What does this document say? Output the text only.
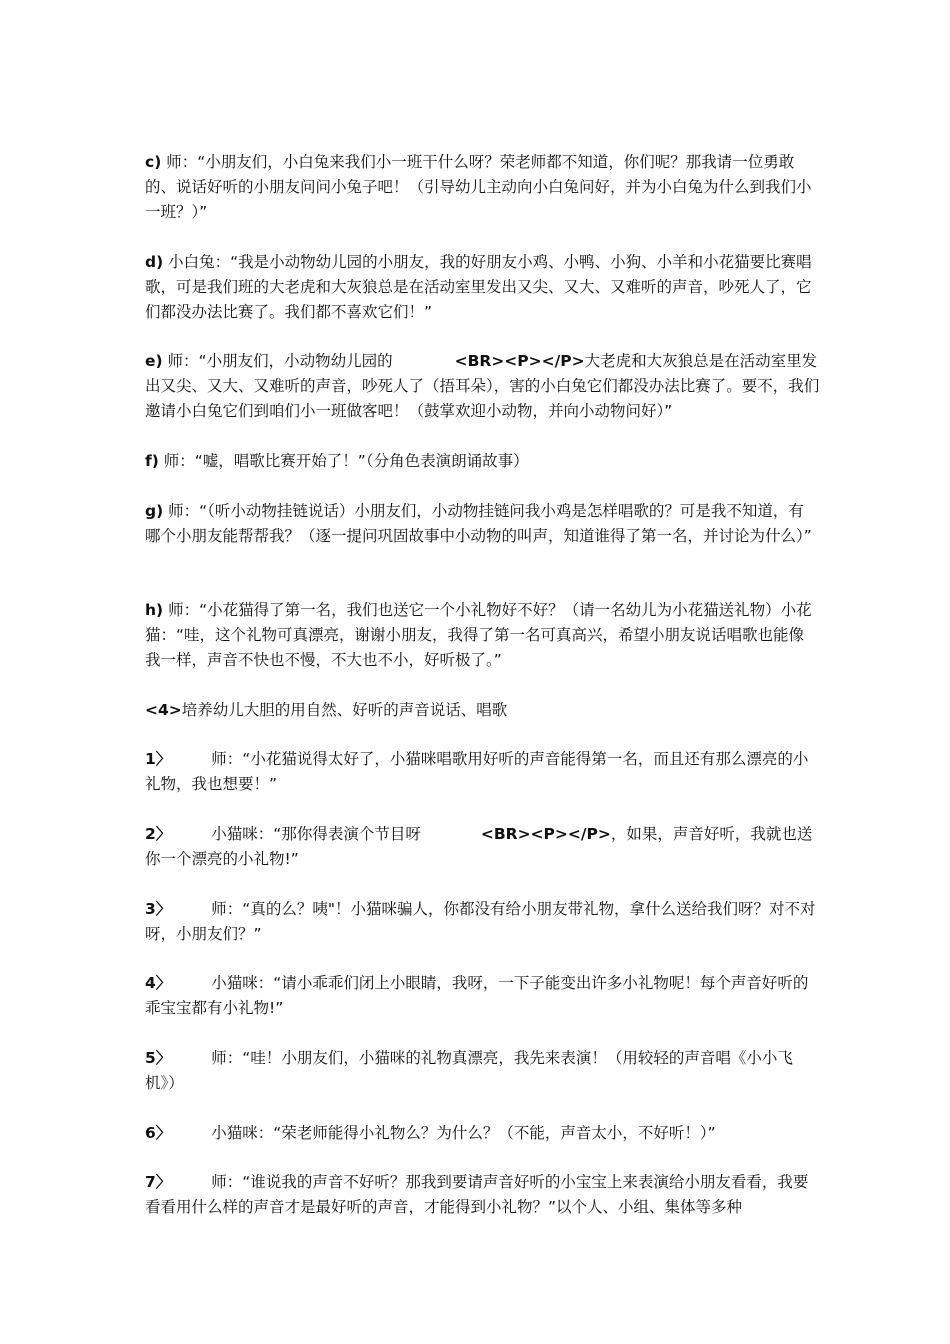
c) 师：“小朋友们，小白兔来我们小一班干什么呀？荣老师都不知道，你们呢？那我请一位勇敢的、说话好听的小朋友问问小兔子吧！（引导幼儿主动向小白兔问好，并为小白兔为什么到我们小一班？）”

d) 小白兔：“我是小动物幼儿园的小朋友，我的好朋友小鸡、小鸭、小狗、小羊和小花猫要比赛唱歌，可是我们班的大老虎和大灰狼总是在活动室里发出又尖、又大、又难听的声音，吵死人了，它们都没办法比赛了。我们都不喜欢它们！”

e) 师：“小朋友们，小动物幼儿园的	<BR><P></P>大老虎和大灰狼总是在活动室里发出又尖、又大、又难听的声音，吵死人了（捂耳朵），害的小白兔它们都没办法比赛了。要不，我们邀请小白兔它们到咱们小一班做客吧！（鼓掌欢迎小动物，并向小动物问好）”

f) 师：“嘘，唱歌比赛开始了！”（分角色表演朗诵故事）

g) 师：“（听小动物挂链说话）小朋友们，小动物挂链问我小鸡是怎样唱歌的？可是我不知道，有哪个小朋友能帮帮我？（逐一提问巩固故事中小动物的叫声，知道谁得了第一名，并讨论为什么）”

h) 师：“小花猫得了第一名，我们也送它一个小礼物好不好？（请一名幼儿为小花猫送礼物）小花猫：“哇，这个礼物可真漂亮，谢谢小朋友，我得了第一名可真高兴，希望小朋友说话唱歌也能像我一样，声音不快也不慢，不大也不小，好听极了。”

<4>培养幼儿大胆的用自然、好听的声音说话、唱歌

1〉	师：“小花猫说得太好了，小猫咪唱歌用好听的声音能得第一名，而且还有那么漂亮的小礼物，我也想要！”

2〉	小猫咪：“那你得表演个节目呀	<BR><P></P>，如果，声音好听，我就也送你一个漂亮的小礼物!”

3〉	师：“真的么？咦"！小猫咪骗人，你都没有给小朋友带礼物，拿什么送给我们呀？对不对呀，小朋友们？”

4〉	小猫咪：“请小乖乖们闭上小眼睛，我呀，一下子能变出许多小礼物呢！每个声音好听的乖宝宝都有小礼物!”

5〉	师：“哇！小朋友们，小猫咪的礼物真漂亮，我先来表演！（用较轻的声音唱《小小飞机》）

6〉	小猫咪：“荣老师能得小礼物么？为什么？（不能，声音太小，不好听！）”

7〉	师：“谁说我的声音不好听？那我到要请声音好听的小宝宝上来表演给小朋友看看，我要看看用什么样的声音才是最好听的声音，才能得到小礼物？”以个人、小组、集体等多种
